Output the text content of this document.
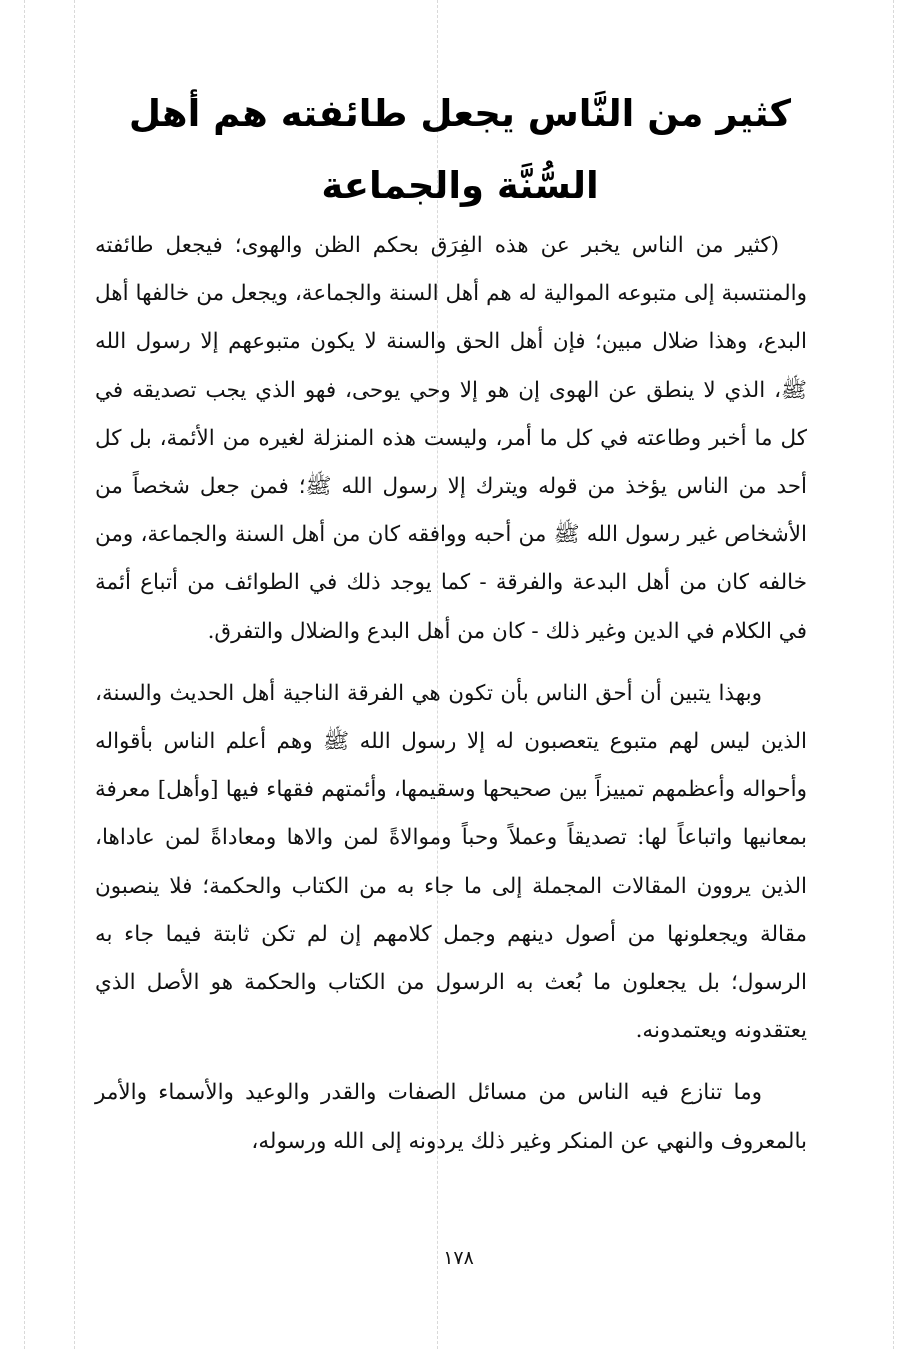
كثير من النَّاس يجعل طائفته هم أهل
السُّنَّة والجماعة

(كثير من الناس يخبر عن هذه الفِرَق بحكم الظن والهوى؛ فيجعل طائفته والمنتسبة إلى متبوعه الموالية له هم أهل السنة والجماعة، ويجعل من خالفها أهل البدع، وهذا ضلال مبين؛ فإن أهل الحق والسنة لا يكون متبوعهم إلا رسول الله ﷺ، الذي لا ينطق عن الهوى إن هو إلا وحي يوحى، فهو الذي يجب تصديقه في كل ما أخبر وطاعته في كل ما أمر، وليست هذه المنزلة لغيره من الأئمة، بل كل أحد من الناس يؤخذ من قوله ويترك إلا رسول الله ﷺ؛ فمن جعل شخصاً من الأشخاص غير رسول الله ﷺ من أحبه ووافقه كان من أهل السنة والجماعة، ومن خالفه كان من أهل البدعة والفرقة - كما يوجد ذلك في الطوائف من أتباع أئمة في الكلام في الدين وغير ذلك - كان من أهل البدع والضلال والتفرق.

وبهذا يتبين أن أحق الناس بأن تكون هي الفرقة الناجية أهل الحديث والسنة، الذين ليس لهم متبوع يتعصبون له إلا رسول الله ﷺ وهم أعلم الناس بأقواله وأحواله وأعظمهم تمييزاً بين صحيحها وسقيمها، وأئمتهم فقهاء فيها [وأهل] معرفة بمعانيها واتباعاً لها: تصديقاً وعملاً وحباً وموالاةً لمن والاها ومعاداةً لمن عاداها، الذين يروون المقالات المجملة إلى ما جاء به من الكتاب والحكمة؛ فلا ينصبون مقالة ويجعلونها من أصول دينهم وجمل كلامهم إن لم تكن ثابتة فيما جاء به الرسول؛ بل يجعلون ما بُعث به الرسول من الكتاب والحكمة هو الأصل الذي يعتقدونه ويعتمدونه.

وما تنازع فيه الناس من مسائل الصفات والقدر والوعيد والأسماء والأمر بالمعروف والنهي عن المنكر وغير ذلك يردونه إلى الله ورسوله،

١٧٨
